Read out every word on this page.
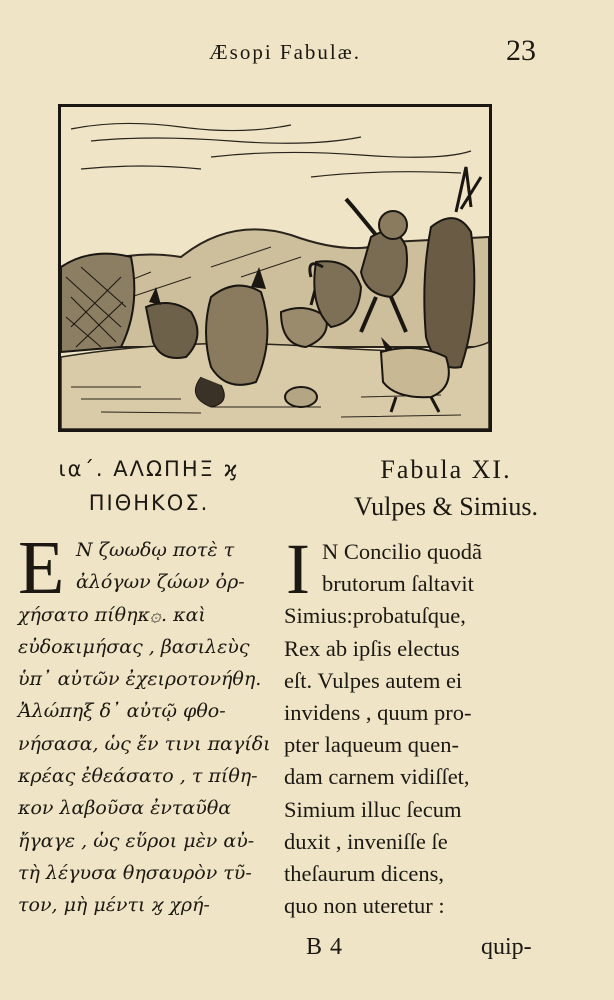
Æsopi Fabulæ.	23
ια΄. ΑΛΩΠΗΞ ϗ
ΠΙΘΗΚΟΣ.
E Ν ζωωδῳ ποτὲ τ
ἀλόγων ζώων ὀρ-
χήσατο πίθηκ۞. καὶ
εὐδοκιμήσας , βασιλεὺς
ὑπ᾽ αὐτῶν ἐχειροτονήθη.
Ἀλώπηξ δ᾽ αὐτῷ φθο-
νήσασα, ὡς ἔν τινι παγίδι
κρέας ἐθεάσατο , τ πίθη-
κον λαβοῦσα ἐνταῦθα
ἤγαγε , ὡς εὕροι μὲν αὐ-
τὴ λέγυσα θησαυρὸν τῦ-
τον, μὴ μέντι ϗ χρή-
Fabula XI.
Vulpes & Simius.
I N Concilio quodã
brutorum ſaltavit
Simius:probatuſque,
Rex ab ipſis electus
eſt. Vulpes autem ei
invidens , quum pro-
pter laqueum quen-
dam carnem vidiſſet,
Simium illuc ſecum
duxit , inveniſſe ſe
theſaurum dicens,
quo non uteretur :
B 4	quip-
